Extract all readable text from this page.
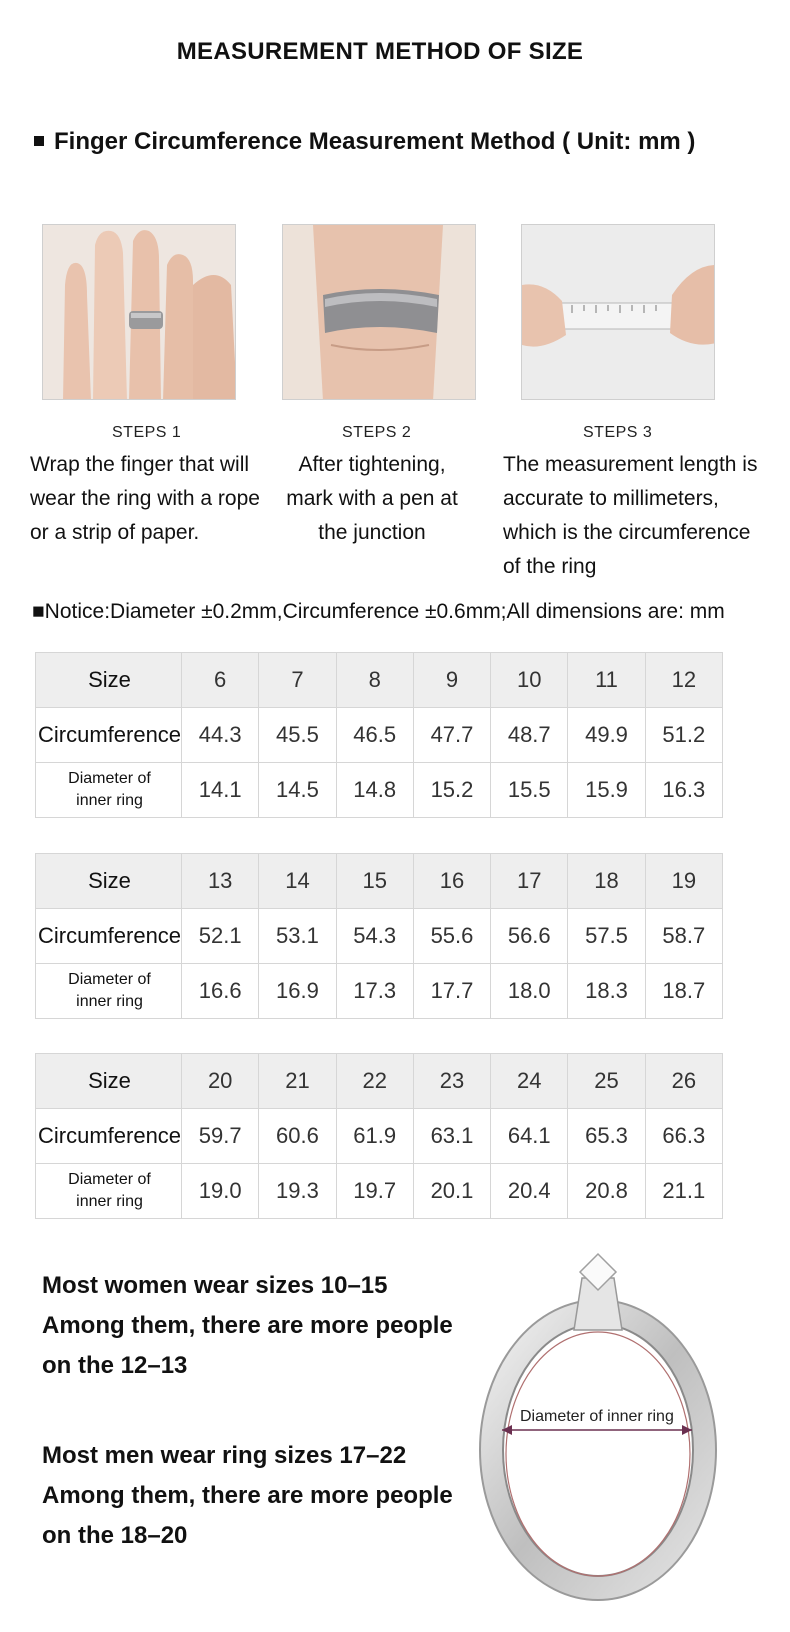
MEASUREMENT METHOD OF SIZE
Finger Circumference Measurement Method ( Unit: mm )
STEPS 1
Wrap the finger that will wear the ring with a rope or a strip of paper.
STEPS 2
After tightening, mark with a pen at the junction
STEPS 3
The measurement length is accurate to millimeters, which is the circumference of the ring
■Notice:Diameter ±0.2mm,Circumference ±0.6mm;All dimensions are: mm
Size	6	7	8	9	10	11	12
Circumference	44.3	45.5	46.5	47.7	48.7	49.9	51.2
Diameter of
inner ring	14.1	14.5	14.8	15.2	15.5	15.9	16.3
Size	13	14	15	16	17	18	19
Circumference	52.1	53.1	54.3	55.6	56.6	57.5	58.7
Diameter of
inner ring	16.6	16.9	17.3	17.7	18.0	18.3	18.7
Size	20	21	22	23	24	25	26
Circumference	59.7	60.6	61.9	63.1	64.1	65.3	66.3
Diameter of
inner ring	19.0	19.3	19.7	20.1	20.4	20.8	21.1
Most women wear sizes 10–15
Among them, there are more people
on the 12–13
Most men wear ring sizes 17–22
Among them, there are more people
on the 18–20
Diameter of inner ring
